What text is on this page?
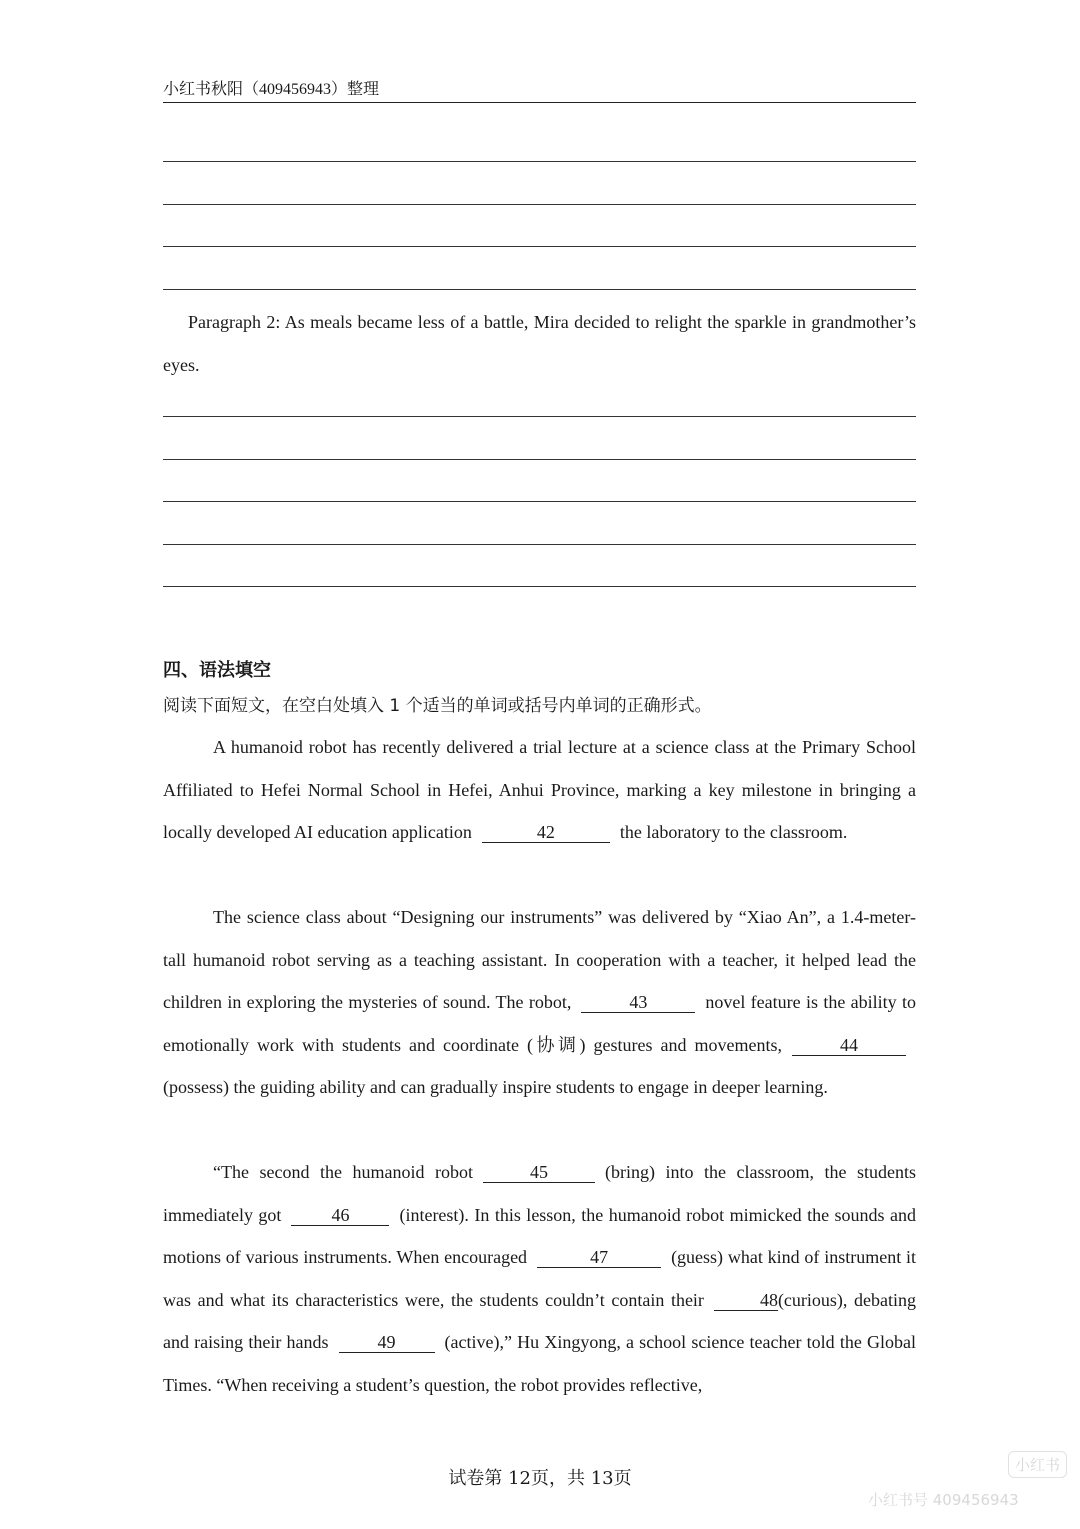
小红书秋阳（409456943）整理
Paragraph 2: As meals became less of a battle, Mira decided to relight the sparkle in grandmother’s eyes.
四、语法填空
阅读下面短文，在空白处填入 1 个适当的单词或括号内单词的正确形式。
A humanoid robot has recently delivered a trial lecture at a science class at the Primary School Affiliated to Hefei Normal School in Hefei, Anhui Province, marking a key milestone in bringing a locally developed AI education application	42	the laboratory to the classroom.
The science class about “Designing our instruments” was delivered by “Xiao An”, a 1.4-meter-tall humanoid robot serving as a teaching assistant. In cooperation with a teacher, it helped lead the children in exploring the mysteries of sound. The robot,	43	novel feature is the ability to emotionally work with students and coordinate (协调) gestures and movements,	44(possess) the guiding ability and can gradually inspire students to engage in deeper learning.
“The second the humanoid robot	45	(bring) into the classroom, the students immediately got	46	(interest). In this lesson, the humanoid robot mimicked the sounds and motions of various instruments. When encouraged	47	(guess) what kind of instrument it was and what its characteristics were, the students couldn’t contain their	48(curious), debating and raising their hands	49	(active),” Hu Xingyong, a school science teacher told the Global Times. “When receiving a student’s question, the robot provides reflective,
试卷第 12页，共 13页
小红书
小红书号 409456943
